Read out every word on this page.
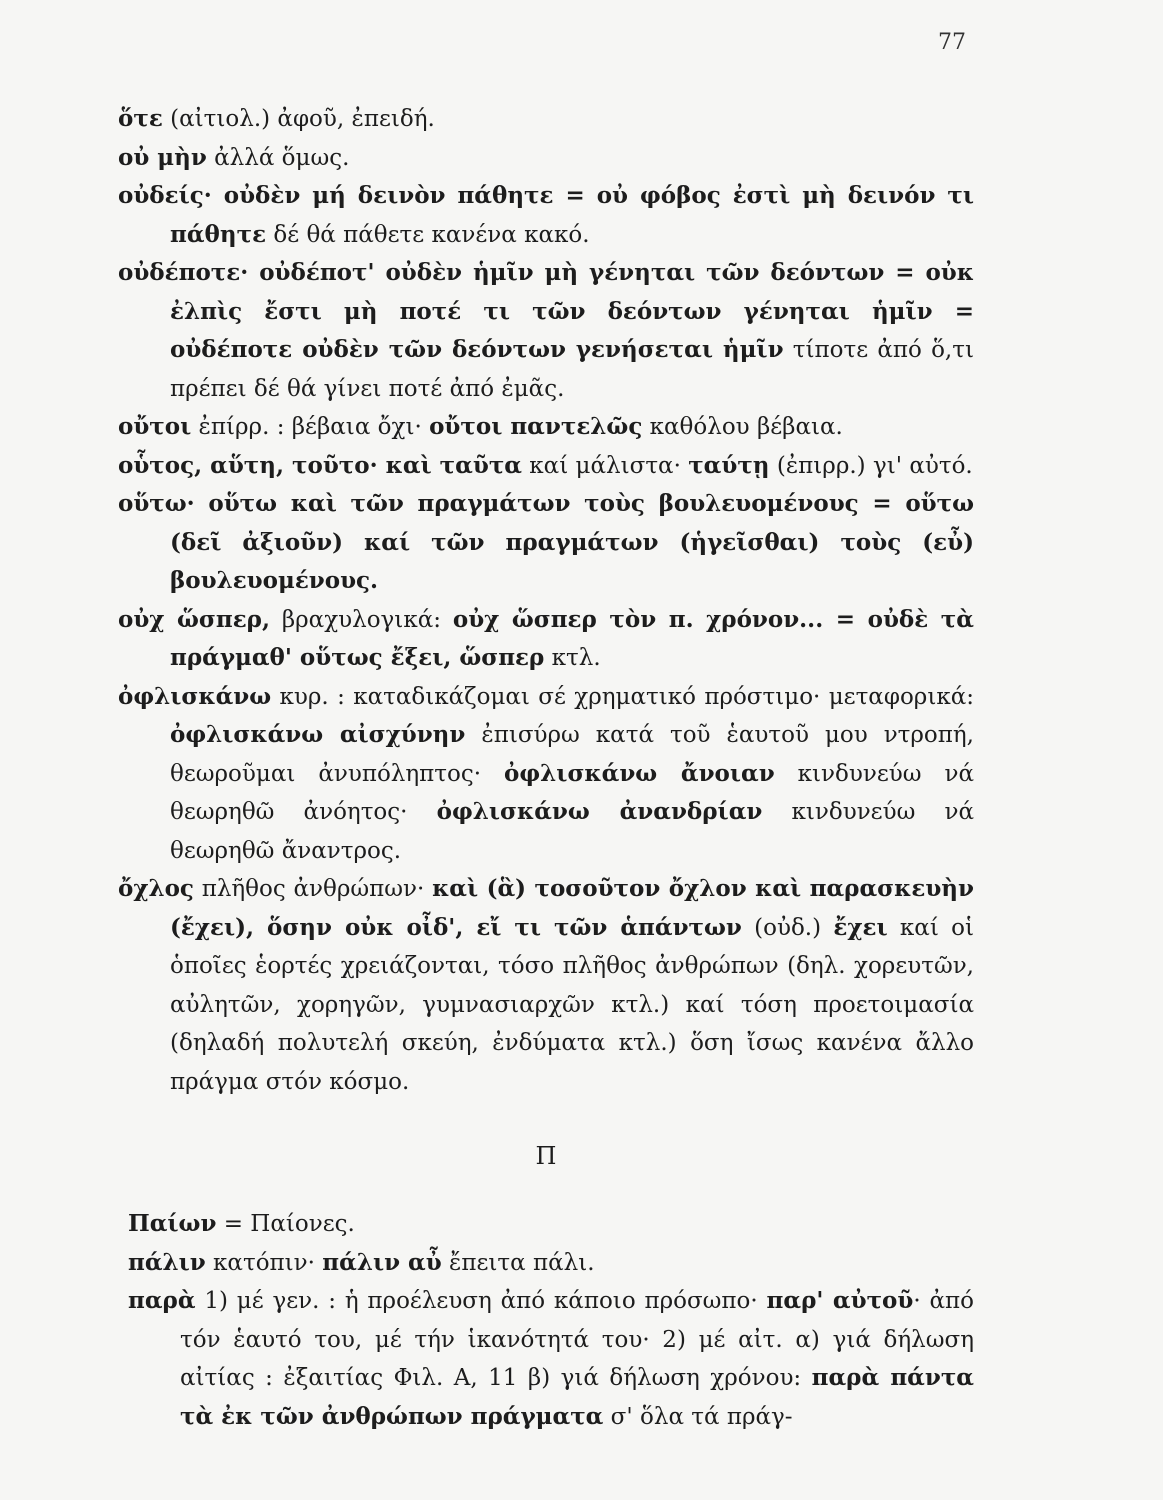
77

ὅτε (αἰτιολ.) ἀφοῦ, ἐπειδή.

οὐ μὴν ἀλλά ὅμως.

οὐδείς· οὐδὲν μή δεινὸν πάθητε = οὐ φόβος ἐστὶ μὴ δεινόν τι πάθητε δέ θά πάθετε κανένα κακό.

οὐδέποτε· οὐδέποτ' οὐδὲν ἡμῖν μὴ γένηται τῶν δεόντων = οὐκ ἐλπὶς ἔστι μὴ ποτέ τι τῶν δεόντων γένηται ἡμῖν = οὐδέποτε οὐδὲν τῶν δεόντων γενήσεται ἡμῖν τίποτε ἀπό ὅ,τι πρέπει δέ θά γίνει ποτέ ἀπό ἐμᾶς.

οὔτοι ἐπίρρ. : βέβαια ὄχι· οὔτοι παντελῶς καθόλου βέβαια.

οὗτος, αὕτη, τοῦτο· καὶ ταῦτα καί μάλιστα· ταύτῃ (ἐπιρρ.) γι' αὐτό.

οὕτω· οὕτω καὶ τῶν πραγμάτων τοὺς βουλευομένους = οὕτω (δεῖ ἀξιοῦν) καί τῶν πραγμάτων (ἡγεῖσθαι) τοὺς (εὖ) βουλευομένους.

οὐχ ὥσπερ, βραχυλογικά: οὐχ ὥσπερ τὸν π. χρόνον... = οὐδὲ τὰ πράγμαθ' οὕτως ἔξει, ὥσπερ κτλ.

ὀφλισκάνω κυρ. : καταδικάζομαι σέ χρηματικό πρόστιμο· μεταφορικά: ὀφλισκάνω αἰσχύνην ἐπισύρω κατά τοῦ ἑαυτοῦ μου ντροπή, θεωροῦμαι ἀνυπόληπτος· ὀφλισκάνω ἄνοιαν κινδυνεύω νά θεωρηθῶ ἀνόητος· ὀφλισκάνω ἀνανδρίαν κινδυνεύω νά θεωρηθῶ ἄναντρος.

ὄχλος πλῆθος ἀνθρώπων· καὶ (ἃ) τοσοῦτον ὄχλον καὶ παρασκευὴν (ἔχει), ὅσην οὐκ οἶδ', εἴ τι τῶν ἁπάντων (οὐδ.) ἔχει καί οἱ ὁποῖες ἑορτές χρειάζονται, τόσο πλῆθος ἀνθρώπων (δηλ. χορευτῶν, αὐλητῶν, χορηγῶν, γυμνασιαρχῶν κτλ.) καί τόση προετοιμασία (δηλαδή πολυτελή σκεύη, ἐνδύματα κτλ.) ὅση ἴσως κανένα ἄλλο πράγμα στόν κόσμο.

Π

Παίων = Παίονες.

πάλιν κατόπιν· πάλιν αὖ ἔπειτα πάλι.

παρὰ 1) μέ γεν. : ἡ προέλευση ἀπό κάποιο πρόσωπο· παρ' αὐτοῦ· ἀπό τόν ἑαυτό του, μέ τήν ἱκανότητά του· 2) μέ αἰτ. α) γιά δήλωση αἰτίας : ἐξαιτίας Φιλ. Α, 11 β) γιά δήλωση χρόνου: παρὰ πάντα τὰ ἐκ τῶν ἀνθρώπων πράγματα σ' ὅλα τά πράγ-
